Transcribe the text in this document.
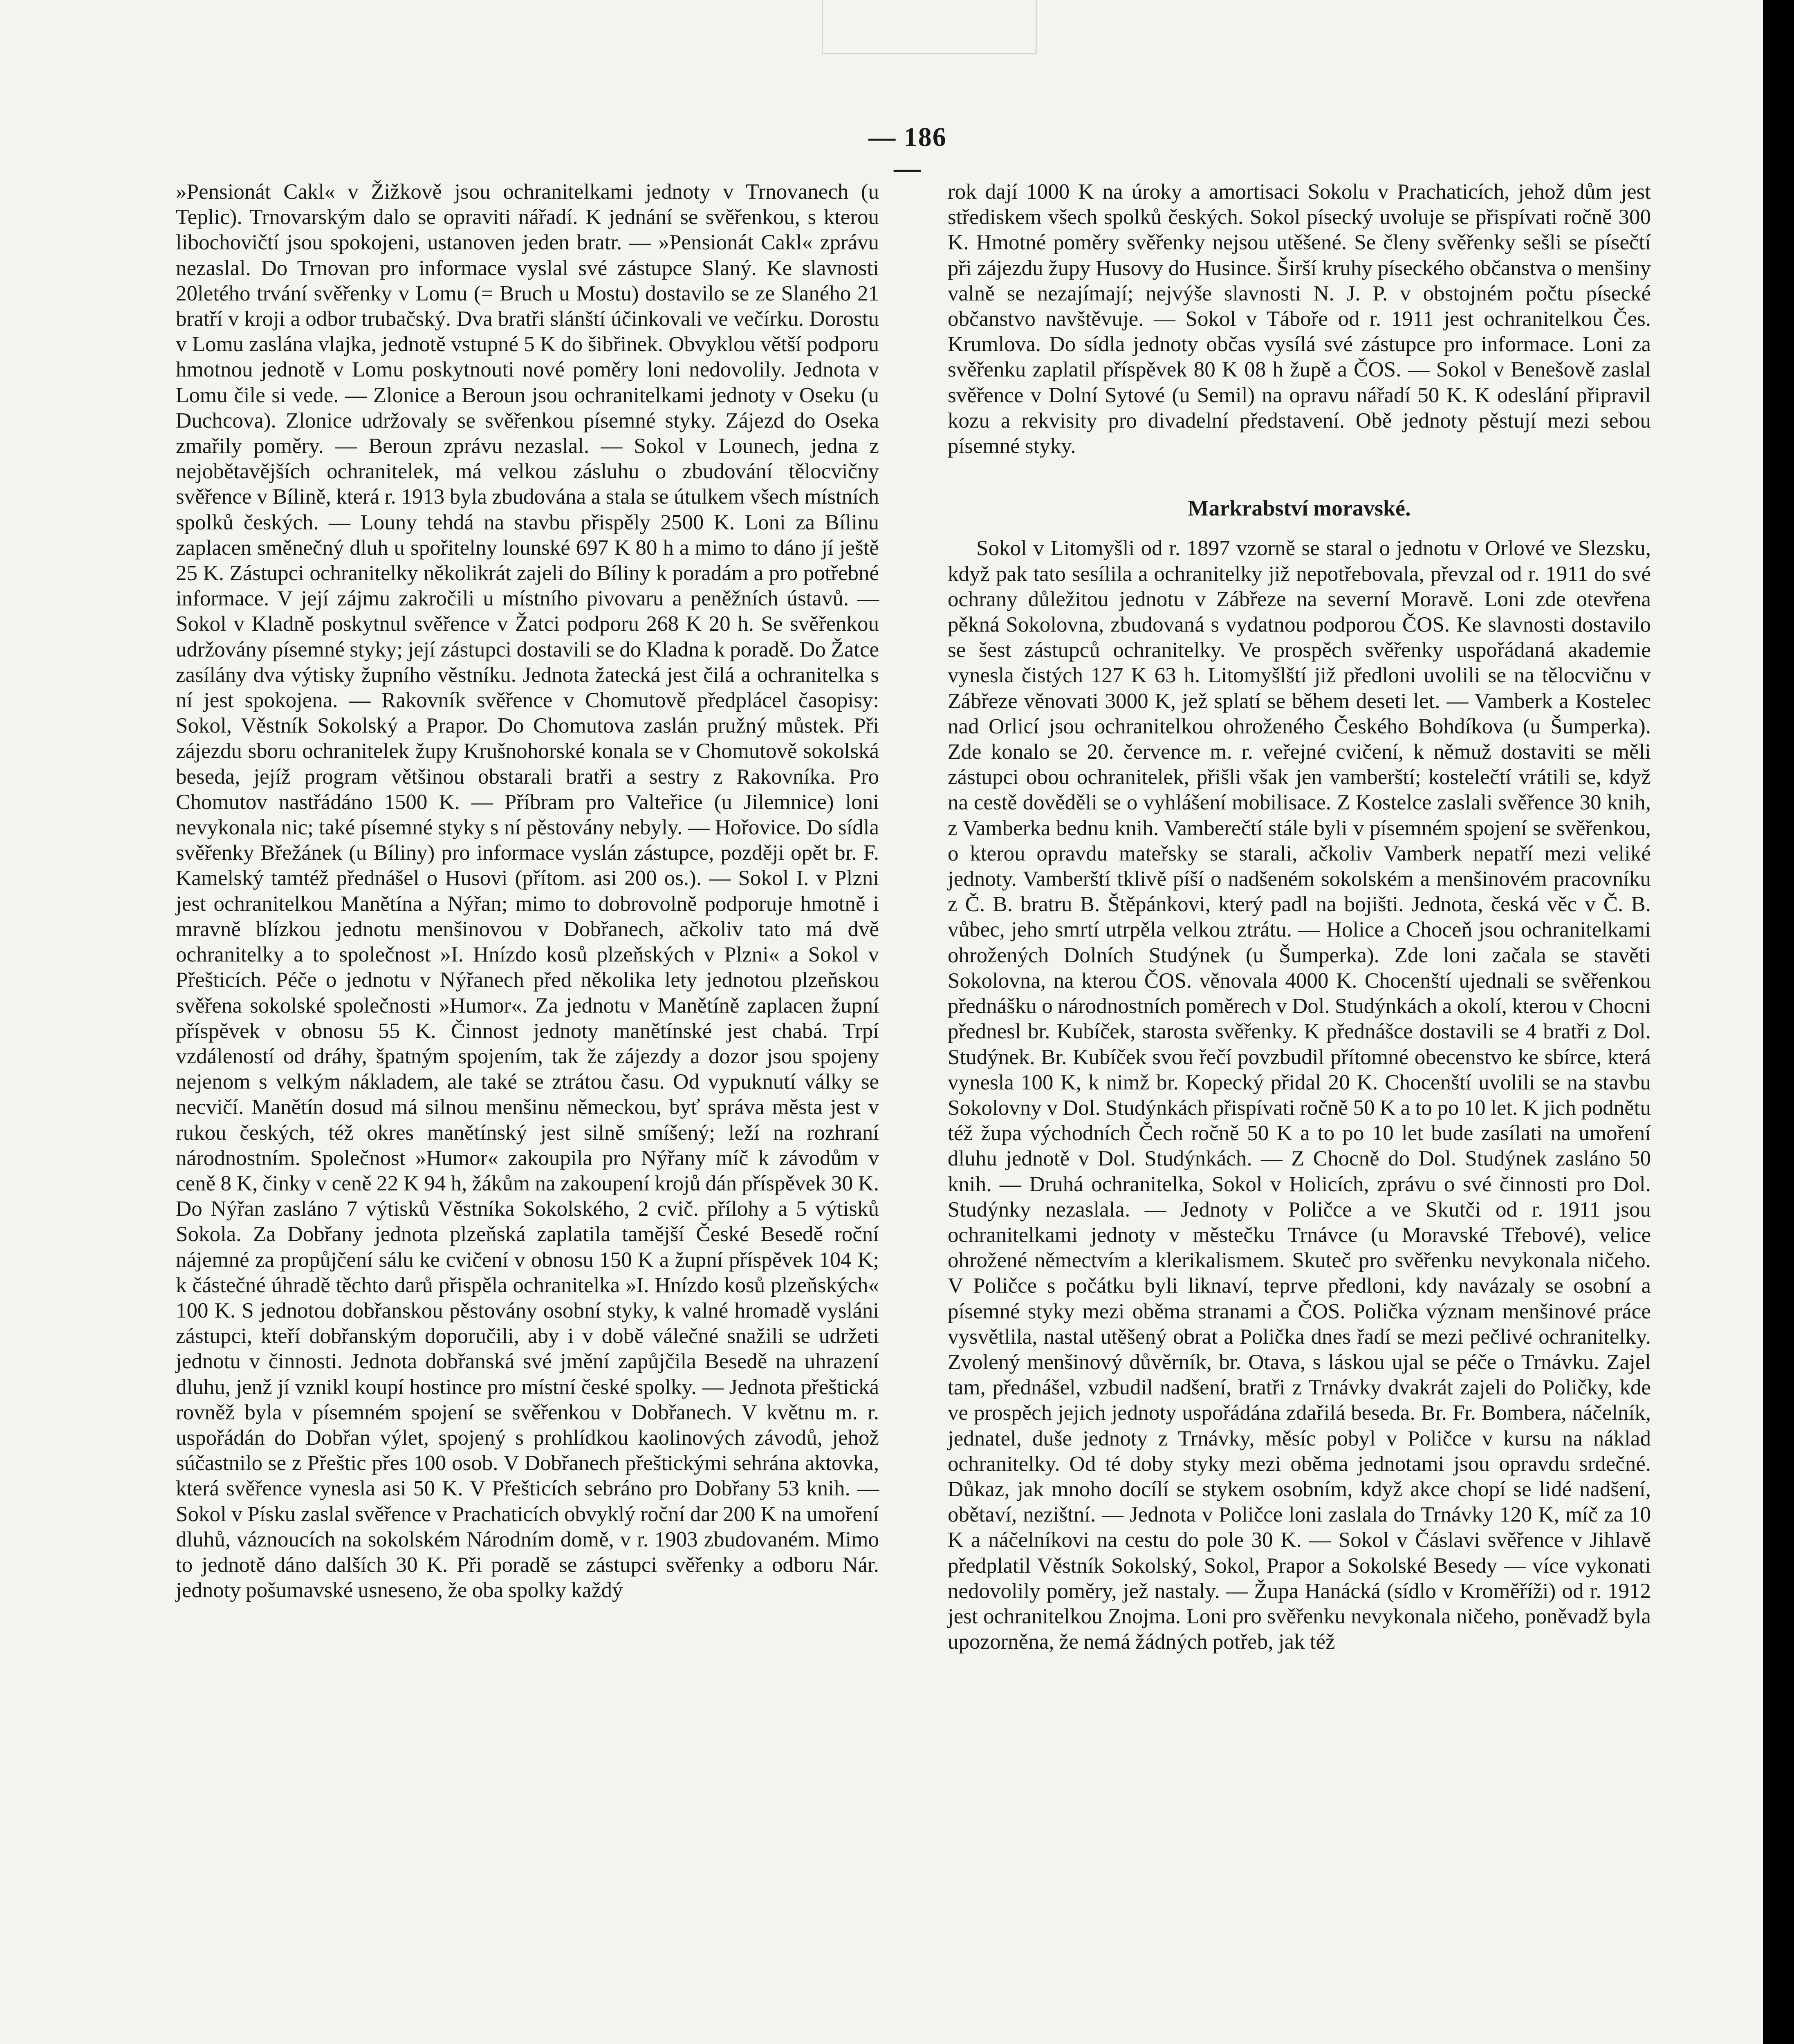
— 186 —

»Pensionát Cakl« v Žižkově jsou ochranitelkami jednoty v Trnovanech (u Teplic). Trnovarským dalo se opraviti nářadí. K jednání se svěřenkou, s kterou libochovičtí jsou spokojeni, ustanoven jeden bratr. — »Pensionát Cakl« zprávu nezaslal. Do Trnovan pro informace vyslal své zástupce Slaný. Ke slavnosti 20letého trvání svěřenky v Lomu (= Bruch u Mostu) dostavilo se ze Slaného 21 bratří v kroji a odbor trubačský. Dva bratři slánští účinkovali ve večírku. Dorostu v Lomu zaslána vlajka, jednotě vstupné 5 K do šibřinek. Obvyklou větší podporu hmotnou jednotě v Lomu poskytnouti nové poměry loni nedovolily. Jednota v Lomu čile si vede. — Zlonice a Beroun jsou ochranitelkami jednoty v Oseku (u Duchcova). Zlonice udržovaly se svěřenkou písemné styky. Zájezd do Oseka zmařily poměry. — Beroun zprávu nezaslal. — Sokol v Lounech, jedna z nejobětavějších ochranitelek, má velkou zásluhu o zbudování tělocvičny svěřence v Bílině, která r. 1913 byla zbudována a stala se útulkem všech místních spolků českých. — Louny tehdá na stavbu přispěly 2500 K. Loni za Bílinu zaplacen směnečný dluh u spořitelny lounské 697 K 80 h a mimo to dáno jí ještě 25 K. Zástupci ochranitelky několikrát zajeli do Bíliny k poradám a pro potřebné informace. V její zájmu zakročili u místního pivovaru a peněžních ústavů. — Sokol v Kladně poskytnul svěřence v Žatci podporu 268 K 20 h. Se svěřenkou udržovány písemné styky; její zástupci dostavili se do Kladna k poradě. Do Žatce zasílány dva výtisky župního věstníku. Jednota žatecká jest čilá a ochranitelka s ní jest spokojena. — Rakovník svěřence v Chomutově předplácel časopisy: Sokol, Věstník Sokolský a Prapor. Do Chomutova zaslán pružný můstek. Při zájezdu sboru ochranitelek župy Krušnohorské konala se v Chomutově sokolská beseda, jejíž program většinou obstarali bratři a sestry z Rakovníka. Pro Chomutov nastřádáno 1500 K. — Příbram pro Valteřice (u Jilemnice) loni nevykonala nic; také písemné styky s ní pěstovány nebyly. — Hořovice. Do sídla svěřenky Břežánek (u Bíliny) pro informace vyslán zástupce, později opět br. F. Kamelský tamtéž přednášel o Husovi (přítom. asi 200 os.). — Sokol I. v Plzni jest ochranitelkou Manětína a Nýřan; mimo to dobrovolně podporuje hmotně i mravně blízkou jednotu menšinovou v Dobřanech, ačkoliv tato má dvě ochranitelky a to společnost »I. Hnízdo kosů plzeňských v Plzni« a Sokol v Přešticích. Péče o jednotu v Nýřanech před několika lety jednotou plzeňskou svěřena sokolské společnosti »Humor«. Za jednotu v Manětíně zaplacen župní příspěvek v obnosu 55 K. Činnost jednoty manětínské jest chabá. Trpí vzdáleností od dráhy, špatným spojením, tak že zájezdy a dozor jsou spojeny nejenom s velkým nákladem, ale také se ztrátou času. Od vypuknutí války se necvičí. Manětín dosud má silnou menšinu německou, byť správa města jest v rukou českých, též okres manětínský jest silně smíšený; leží na rozhraní národnostním. Společnost »Humor« zakoupila pro Nýřany míč k závodům v ceně 8 K, činky v ceně 22 K 94 h, žákům na zakoupení krojů dán příspěvek 30 K. Do Nýřan zasláno 7 výtisků Věstníka Sokolského, 2 cvič. přílohy a 5 výtisků Sokola. Za Dobřany jednota plzeňská zaplatila tamější České Besedě roční nájemné za propůjčení sálu ke cvičení v obnosu 150 K a župní příspěvek 104 K; k částečné úhradě těchto darů přispěla ochranitelka »I. Hnízdo kosů plzeňských« 100 K. S jednotou dobřanskou pěstovány osobní styky, k valné hromadě vysláni zástupci, kteří dobřanským doporučili, aby i v době válečné snažili se udržeti jednotu v činnosti. Jednota dobřanská své jmění zapůjčila Besedě na uhrazení dluhu, jenž jí vznikl koupí hostince pro místní české spolky. — Jednota přeštická rovněž byla v písemném spojení se svěřenkou v Dobřanech. V květnu m. r. uspořádán do Dobřan výlet, spojený s prohlídkou kaolinových závodů, jehož súčastnilo se z Přeštic přes 100 osob. V Dobřanech přeštickými sehrána aktovka, která svěřence vynesla asi 50 K. V Přešticích sebráno pro Dobřany 53 knih. — Sokol v Písku zaslal svěřence v Prachaticích obvyklý roční dar 200 K na umoření dluhů, váznoucích na sokolském Národním domě, v r. 1903 zbudovaném. Mimo to jednotě dáno dalších 30 K. Při poradě se zástupci svěřenky a odboru Nár. jednoty pošumavské usneseno, že oba spolky každý

rok dají 1000 K na úroky a amortisaci Sokolu v Prachaticích, jehož dům jest střediskem všech spolků českých. Sokol písecký uvoluje se přispívati ročně 300 K. Hmotné poměry svěřenky nejsou utěšené. Se členy svěřenky sešli se písečtí při zájezdu župy Husovy do Husince. Širší kruhy píseckého občanstva o menšiny valně se nezajímají; nejvýše slavnosti N. J. P. v obstojném počtu písecké občanstvo navštěvuje. — Sokol v Táboře od r. 1911 jest ochranitelkou Čes. Krumlova. Do sídla jednoty občas vysílá své zástupce pro informace. Loni za svěřenku zaplatil příspěvek 80 K 08 h župě a ČOS. — Sokol v Benešově zaslal svěřence v Dolní Sytové (u Semil) na opravu nářadí 50 K. K odeslání připravil kozu a rekvisity pro divadelní představení. Obě jednoty pěstují mezi sebou písemné styky.

Markrabství moravské.

Sokol v Litomyšli od r. 1897 vzorně se staral o jednotu v Orlové ve Slezsku, když pak tato sesílila a ochranitelky již nepotřebovala, převzal od r. 1911 do své ochrany důležitou jednotu v Zábřeze na severní Moravě. Loni zde otevřena pěkná Sokolovna, zbudovaná s vydatnou podporou ČOS. Ke slavnosti dostavilo se šest zástupců ochranitelky. Ve prospěch svěřenky uspořádaná akademie vynesla čistých 127 K 63 h. Litomyšlští již předloni uvolili se na tělocvičnu v Zábřeze věnovati 3000 K, jež splatí se během deseti let. — Vamberk a Kostelec nad Orlicí jsou ochranitelkou ohroženého Českého Bohdíkova (u Šumperka). Zde konalo se 20. července m. r. veřejné cvičení, k němuž dostaviti se měli zástupci obou ochranitelek, přišli však jen vamberští; kostelečtí vrátili se, když na cestě dověděli se o vyhlášení mobilisace. Z Kostelce zaslali svěřence 30 knih, z Vamberka bednu knih. Vamberečtí stále byli v písemném spojení se svěřenkou, o kterou opravdu mateřsky se starali, ačkoliv Vamberk nepatří mezi veliké jednoty. Vamberští tklivě píší o nadšeném sokolském a menšinovém pracovníku z Č. B. bratru B. Štěpánkovi, který padl na bojišti. Jednota, česká věc v Č. B. vůbec, jeho smrtí utrpěla velkou ztrátu. — Holice a Choceň jsou ochranitelkami ohrožených Dolních Studýnek (u Šumperka). Zde loni začala se stavěti Sokolovna, na kterou ČOS. věnovala 4000 K. Chocenští ujednali se svěřenkou přednášku o národnostních poměrech v Dol. Studýnkách a okolí, kterou v Chocni přednesl br. Kubíček, starosta svěřenky. K přednášce dostavili se 4 bratři z Dol. Studýnek. Br. Kubíček svou řečí povzbudil přítomné obecenstvo ke sbírce, která vynesla 100 K, k nimž br. Kopecký přidal 20 K. Chocenští uvolili se na stavbu Sokolovny v Dol. Studýnkách přispívati ročně 50 K a to po 10 let. K jich podnětu též župa východních Čech ročně 50 K a to po 10 let bude zasílati na umoření dluhu jednotě v Dol. Studýnkách. — Z Chocně do Dol. Studýnek zasláno 50 knih. — Druhá ochranitelka, Sokol v Holicích, zprávu o své činnosti pro Dol. Studýnky nezaslala. — Jednoty v Poličce a ve Skutči od r. 1911 jsou ochranitelkami jednoty v městečku Trnávce (u Moravské Třebové), velice ohrožené němectvím a klerikalismem. Skuteč pro svěřenku nevykonala ničeho. V Poličce s počátku byli liknaví, teprve předloni, kdy navázaly se osobní a písemné styky mezi oběma stranami a ČOS. Polička význam menšinové práce vysvětlila, nastal utěšený obrat a Polička dnes řadí se mezi pečlivé ochranitelky. Zvolený menšinový důvěrník, br. Otava, s láskou ujal se péče o Trnávku. Zajel tam, přednášel, vzbudil nadšení, bratři z Trnávky dvakrát zajeli do Poličky, kde ve prospěch jejich jednoty uspořádána zdařilá beseda. Br. Fr. Bombera, náčelník, jednatel, duše jednoty z Trnávky, měsíc pobyl v Poličce v kursu na náklad ochranitelky. Od té doby styky mezi oběma jednotami jsou opravdu srdečné. Důkaz, jak mnoho docílí se stykem osobním, když akce chopí se lidé nadšení, obětaví, nezištní. — Jednota v Poličce loni zaslala do Trnávky 120 K, míč za 10 K a náčelníkovi na cestu do pole 30 K. — Sokol v Čáslavi svěřence v Jihlavě předplatil Věstník Sokolský, Sokol, Prapor a Sokolské Besedy — více vykonati nedovolily poměry, jež nastaly. — Župa Hanácká (sídlo v Kroměříži) od r. 1912 jest ochranitelkou Znojma. Loni pro svěřenku nevykonala ničeho, poněvadž byla upozorněna, že nemá žádných potřeb, jak též
